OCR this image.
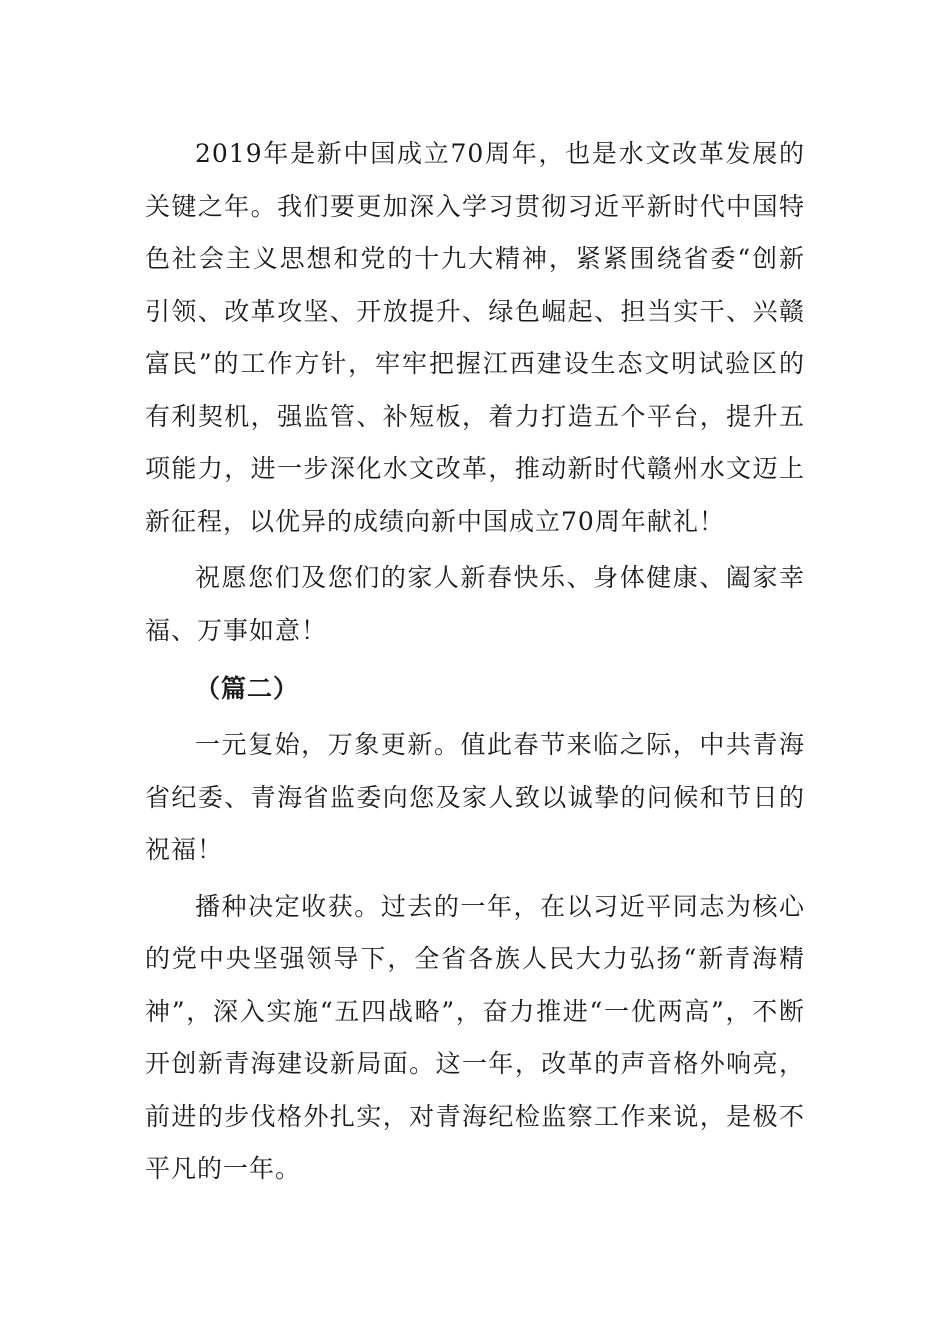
2019年是新中国成立70周年，也是水文改革发展的关键之年。我们要更加深入学习贯彻习近平新时代中国特色社会主义思想和党的十九大精神，紧紧围绕省委“创新引领、改革攻坚、开放提升、绿色崛起、担当实干、兴赣富民”的工作方针，牢牢把握江西建设生态文明试验区的有利契机，强监管、补短板，着力打造五个平台，提升五项能力，进一步深化水文改革，推动新时代赣州水文迈上新征程，以优异的成绩向新中国成立70周年献礼！

祝愿您们及您们的家人新春快乐、身体健康、阖家幸福、万事如意！

（篇二）

一元复始，万象更新。值此春节来临之际，中共青海省纪委、青海省监委向您及家人致以诚挚的问候和节日的祝福！

播种决定收获。过去的一年，在以习近平同志为核心的党中央坚强领导下，全省各族人民大力弘扬“新青海精神”，深入实施“五四战略”，奋力推进“一优两高”，不断开创新青海建设新局面。这一年，改革的声音格外响亮，前进的步伐格外扎实，对青海纪检监察工作来说，是极不平凡的一年。
